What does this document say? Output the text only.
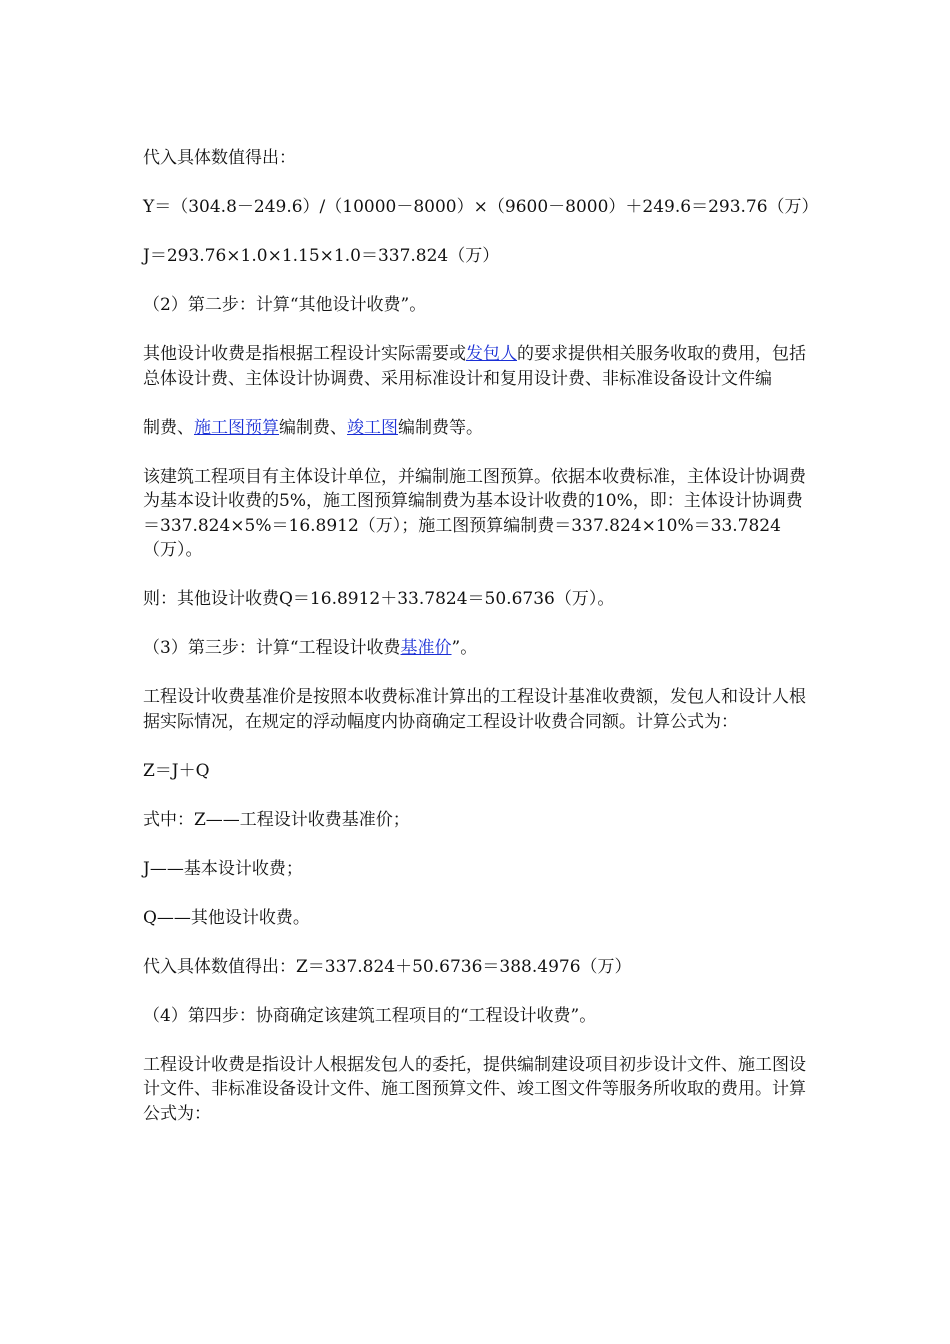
代入具体数值得出：

Y＝（304.8－249.6）/（10000－8000）×（9600－8000）＋249.6＝293.76（万）

J＝293.76×1.0×1.15×1.0＝337.824（万）

（2）第二步：计算“其他设计收费”。

其他设计收费是指根据工程设计实际需要或发包人的要求提供相关服务收取的费用，包括总体设计费、主体设计协调费、采用标准设计和复用设计费、非标准设备设计文件编

制费、施工图预算编制费、竣工图编制费等。

该建筑工程项目有主体设计单位，并编制施工图预算。依据本收费标准，主体设计协调费为基本设计收费的5%，施工图预算编制费为基本设计收费的10%，即：主体设计协调费＝337.824×5%＝16.8912（万）；施工图预算编制费＝337.824×10%＝33.7824（万）。

则：其他设计收费Q＝16.8912＋33.7824＝50.6736（万）。

（3）第三步：计算“工程设计收费基准价”。

工程设计收费基准价是按照本收费标准计算出的工程设计基准收费额，发包人和设计人根据实际情况，在规定的浮动幅度内协商确定工程设计收费合同额。计算公式为：

Z＝J＋Q

式中：Z——工程设计收费基准价；

J——基本设计收费；

Q——其他设计收费。

代入具体数值得出：Z＝337.824＋50.6736＝388.4976（万）

（4）第四步：协商确定该建筑工程项目的“工程设计收费”。

工程设计收费是指设计人根据发包人的委托，提供编制建设项目初步设计文件、施工图设计文件、非标准设备设计文件、施工图预算文件、竣工图文件等服务所收取的费用。计算公式为：
